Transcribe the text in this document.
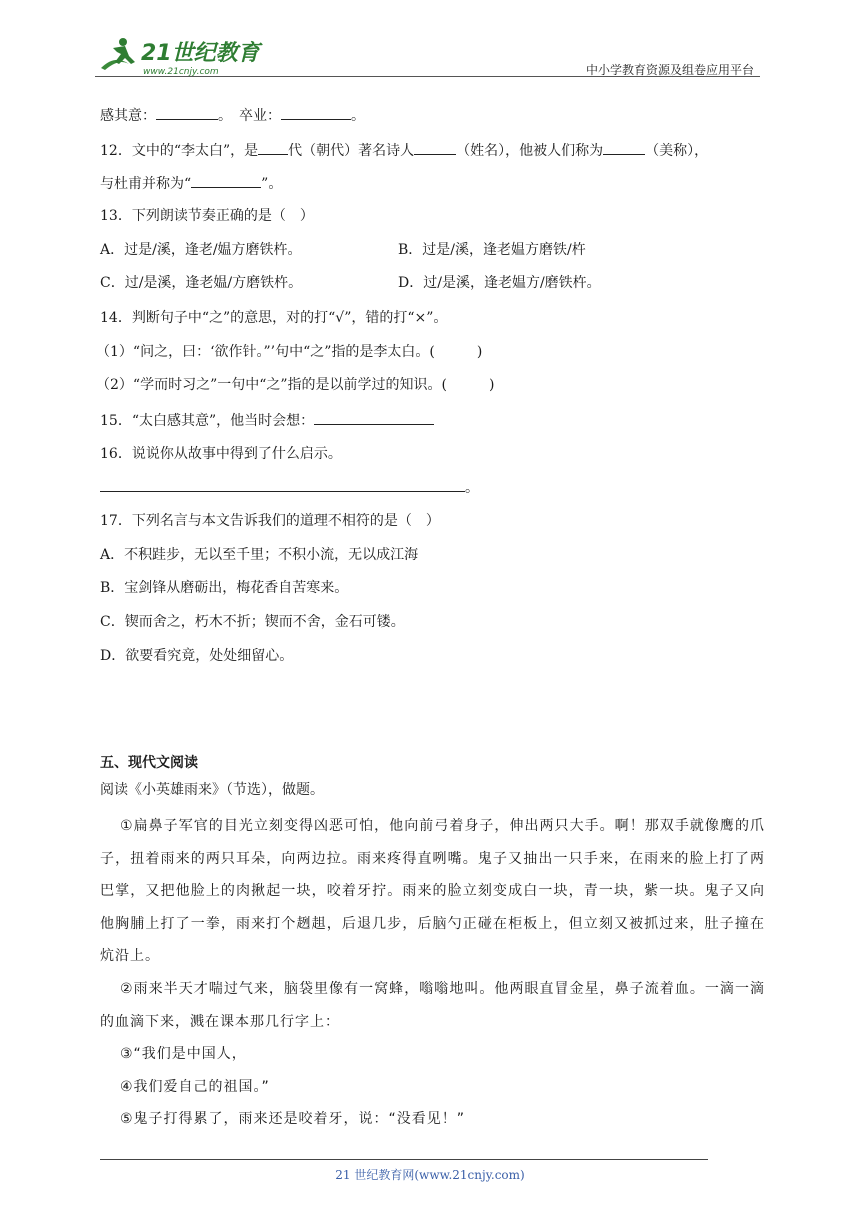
21世纪教育
www.21cnjy.com	中小学教育资源及组卷应用平台
感其意：	。　卒业：	。
12．文中的“李太白”，是 代（朝代）著名诗人	（姓名），他被人们称为	（美称），
与杜甫并称为“	”。
13．下列朗读节奏正确的是（　）
A．过是/溪，逢老/媪方磨铁杵。	B．过是/溪，逢老媪方磨铁/杵
C．过/是溪，逢老媪/方磨铁杵。	D．过/是溪，逢老媪方/磨铁杵。
14．判断句子中“之”的意思，对的打“√”，错的打“×”。
（1）“问之，曰：‘欲作针。”’句中“之”指的是李太白。(　　　)
（2）“学而时习之”一句中“之”指的是以前学过的知识。(　　　)
15．“太白感其意”，他当时会想：
16．说说你从故事中得到了什么启示。
。
17．下列名言与本文告诉我们的道理不相符的是（　）
A．不积跬步，无以至千里；不积小流，无以成江海
B．宝剑锋从磨砺出，梅花香自苦寒来。
C．锲而舍之，朽木不折；锲而不舍，金石可镂。
D．欲要看究竟，处处细留心。
五、现代文阅读
阅读《小英雄雨来》（节选），做题。
①扁鼻子军官的目光立刻变得凶恶可怕，他向前弓着身子，伸出两只大手。啊！那双手就像鹰的爪子，扭着雨来的两只耳朵，向两边拉。雨来疼得直咧嘴。鬼子又抽出一只手来，在雨来的脸上打了两巴掌，又把他脸上的肉揪起一块，咬着牙拧。雨来的脸立刻变成白一块，青一块，紫一块。鬼子又向他胸脯上打了一拳，雨来打个趔趄，后退几步，后脑勺正碰在柜板上，但立刻又被抓过来，肚子撞在炕沿上。
②雨来半天才喘过气来，脑袋里像有一窝蜂，嗡嗡地叫。他两眼直冒金星，鼻子流着血。一滴一滴的血滴下来，溅在课本那几行字上：
③“我们是中国人，
④我们爱自己的祖国。”
⑤鬼子打得累了，雨来还是咬着牙，说：“没看见！”
21 世纪教育网(www.21cnjy.com)
